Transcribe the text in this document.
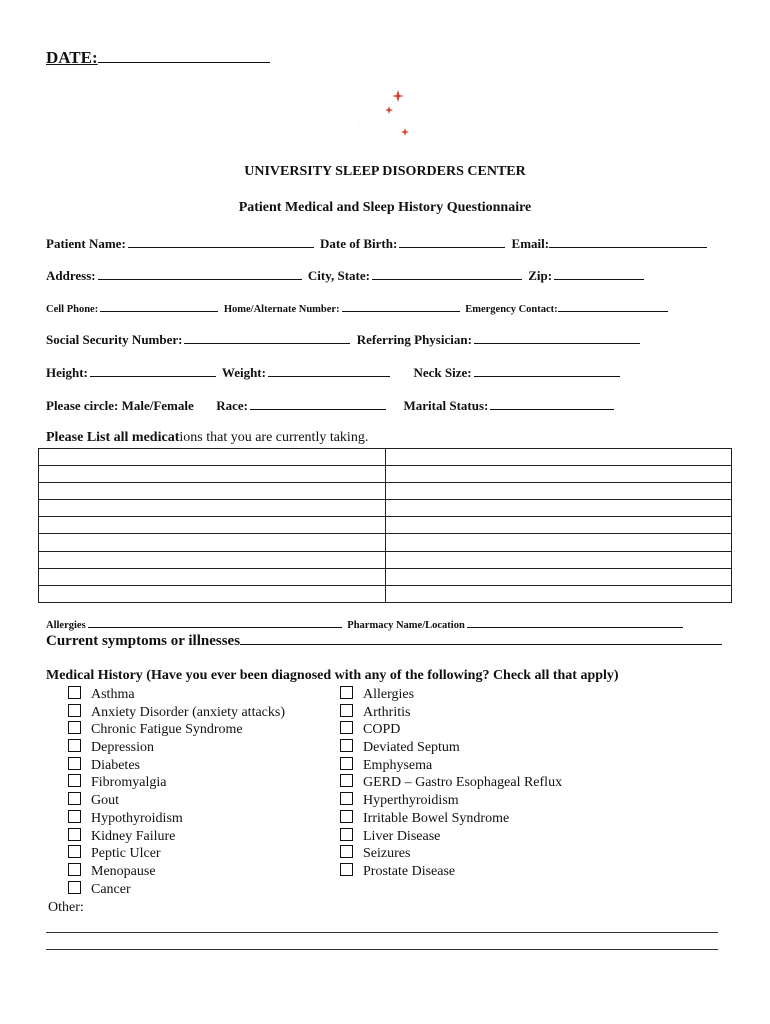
DATE:
UNIVERSITY SLEEP DISORDERS CENTER
Patient Medical and Sleep History Questionnaire
Patient Name:	Date of Birth:	Email:
Address:	City, State:	Zip:
Cell Phone:	Home/Alternate Number:	Emergency Contact:
Social Security Number:	Referring Physician:
Height:	Weight:	Neck Size:
Please circle: Male/Female Race:	Marital Status:
Please List all medications that you are currently taking.

Allergies	Pharmacy Name/Location
Current symptoms or illnesses
Medical History (Have you ever been diagnosed with any of the following? Check all that apply)
Asthma
Anxiety Disorder (anxiety attacks)
Chronic Fatigue Syndrome
Depression
Diabetes
Fibromyalgia
Gout
Hypothyroidism
Kidney Failure
Peptic Ulcer
Menopause
Cancer
Allergies
Arthritis
COPD
Deviated Septum
Emphysema
GERD – Gastro Esophageal Reflux
Hyperthyroidism
Irritable Bowel Syndrome
Liver Disease
Seizures
Prostate Disease
Other:
